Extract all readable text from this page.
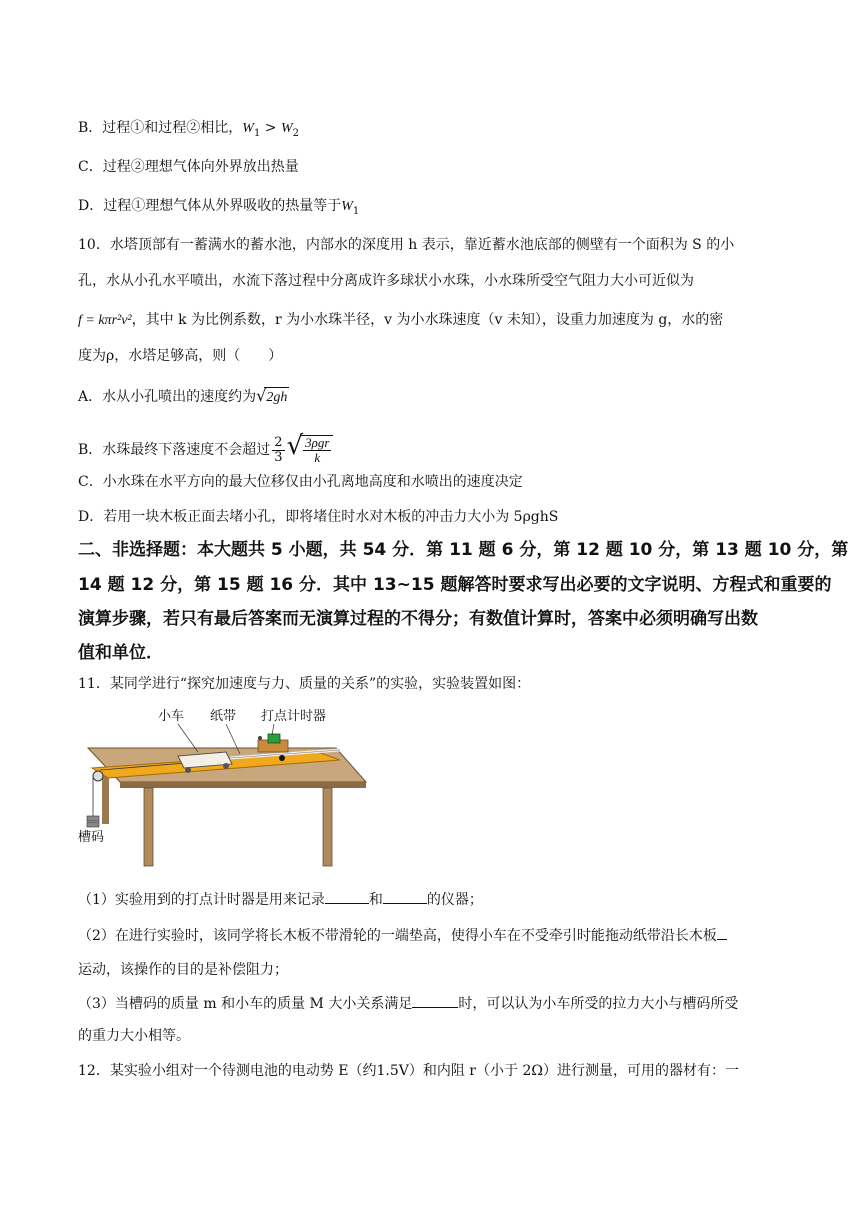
B．过程①和过程②相比，$W_1 > W_2$
C．过程②理想气体向外界放出热量
D．过程①理想气体从外界吸收的热量等于$W_1$
10．水塔顶部有一蓄满水的蓄水池，内部水的深度用 h 表示，靠近蓄水池底部的侧壁有一个面积为 S 的小
孔，水从小孔水平喷出，水流下落过程中分离成许多球状小水珠，小水珠所受空气阻力大小可近似为
f = kπr²v²，其中 k 为比例系数，r 为小水珠半径，v 为小水珠速度（v 未知），设重力加速度为 g，水的密
度为ρ，水塔足够高，则（　　）
A．水从小孔喷出的速度约为√2gh
B．水珠最终下落速度不会超过 $\frac{2}{3}$ √
$\frac{\text{3ρgr}}{k}$
C．小水珠在水平方向的最大位移仅由小孔离地高度和水喷出的速度决定
D．若用一块木板正面去堵小孔，即将堵住时水对木板的冲击力大小为 5ρghS
二、非选择题：本大题共 5 小题，共 54 分．第 11 题 6 分，第 12 题 10 分，第 13 题 10 分，第
14 题 12 分，第 15 题 16 分．其中 13~15 题解答时要求写出必要的文字说明、方程式和重要的
演算步骤，若只有最后答案而无演算过程的不得分；有数值计算时，答案中必须明确写出数
值和单位．
11．某同学进行“探究加速度与力、质量的关系”的实验，实验装置如图：
小车 纸带 打点计时器
槽码
（1）实验用到的打点计时器是用来记录	和	的仪器；
（2）在进行实验时，该同学将长木板不带滑轮的一端垫高，使得小车在不受牵引时能拖动纸带沿长木板
运动，该操作的目的是补偿阻力；
（3）当槽码的质量 m 和小车的质量 M 大小关系满足	时，可以认为小车所受的拉力大小与槽码所受
的重力大小相等。
12．某实验小组对一个待测电池的电动势 E（约1.5V）和内阻 r（小于 2Ω）进行测量，可用的器材有：一
